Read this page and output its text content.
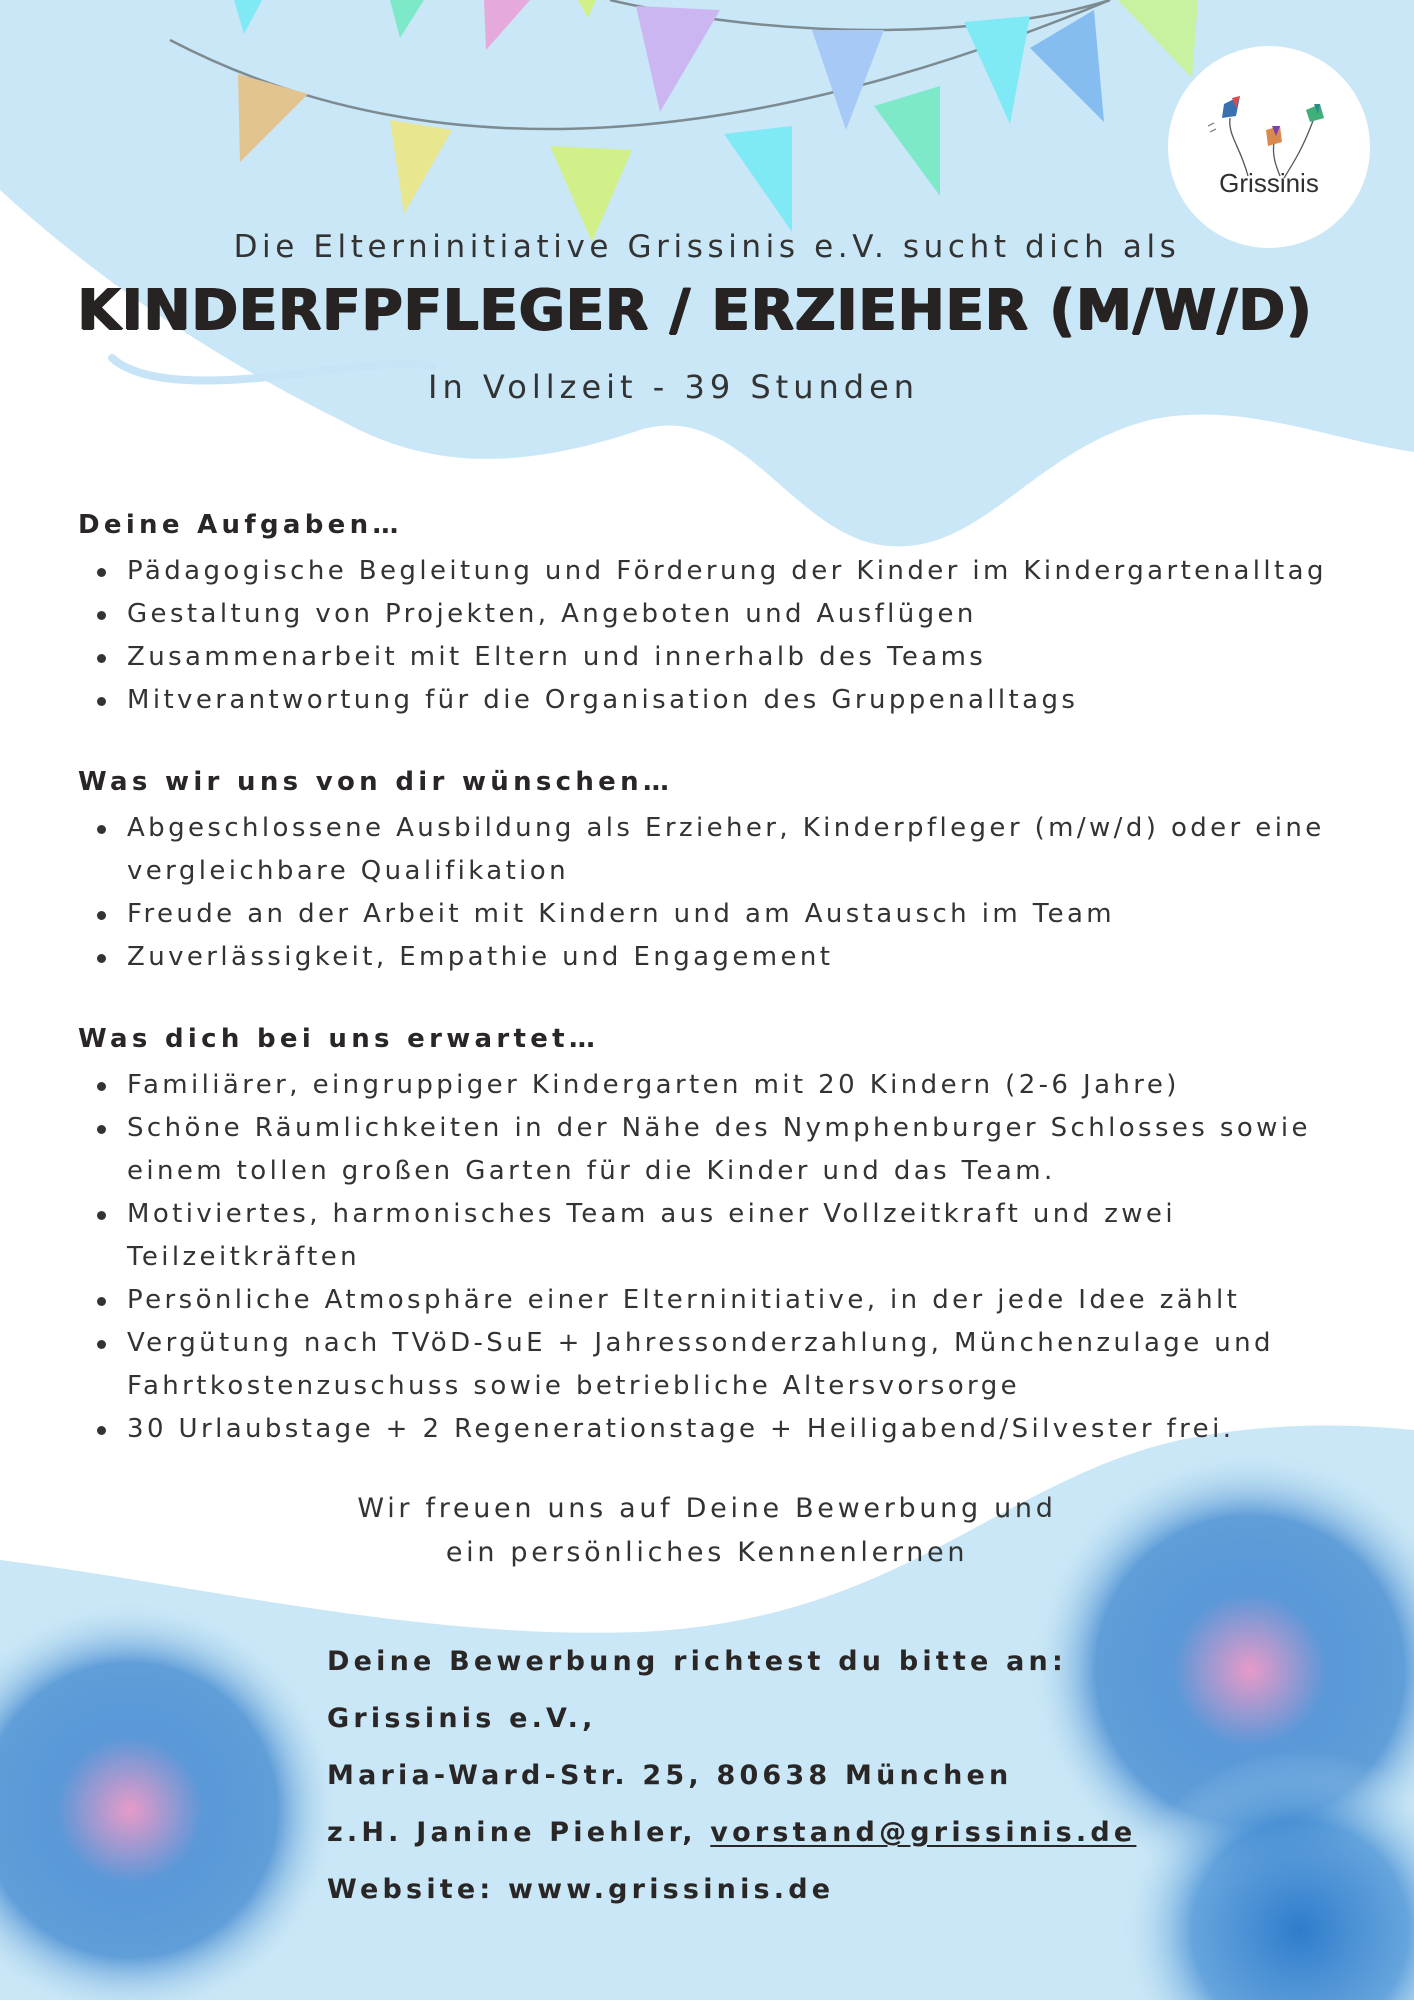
Grissinis
Die Elterninitiative Grissinis e.V. sucht dich als
KINDERFPFLEGER / ERZIEHER (M/W/D)
In Vollzeit - 39 Stunden
Deine Aufgaben…
Pädagogische Begleitung und Förderung der Kinder im Kindergartenalltag
Gestaltung von Projekten, Angeboten und Ausflügen
Zusammenarbeit mit Eltern und innerhalb des Teams
Mitverantwortung für die Organisation des Gruppenalltags
Was wir uns von dir wünschen…
Abgeschlossene Ausbildung als Erzieher, Kinderpfleger (m/w/d) oder eine vergleichbare Qualifikation
Freude an der Arbeit mit Kindern und am Austausch im Team
Zuverlässigkeit, Empathie und Engagement
Was dich bei uns erwartet…
Familiärer, eingruppiger Kindergarten mit 20 Kindern (2-6 Jahre)
Schöne Räumlichkeiten in der Nähe des Nymphenburger Schlosses sowie einem tollen großen Garten für die Kinder und das Team.
Motiviertes, harmonisches Team aus einer Vollzeitkraft und zwei Teilzeitkräften
Persönliche Atmosphäre einer Elterninitiative, in der jede Idee zählt
Vergütung nach TVöD-SuE + Jahressonderzahlung, Münchenzulage und Fahrtkostenzuschuss sowie betriebliche Altersvorsorge
30 Urlaubstage + 2 Regenerationstage + Heiligabend/Silvester frei.
Wir freuen uns auf Deine Bewerbung und
ein persönliches Kennenlernen
Deine Bewerbung richtest du bitte an:
Grissinis e.V.,
Maria-Ward-Str. 25, 80638 München
z.H. Janine Piehler, vorstand@grissinis.de
Website: www.grissinis.de
